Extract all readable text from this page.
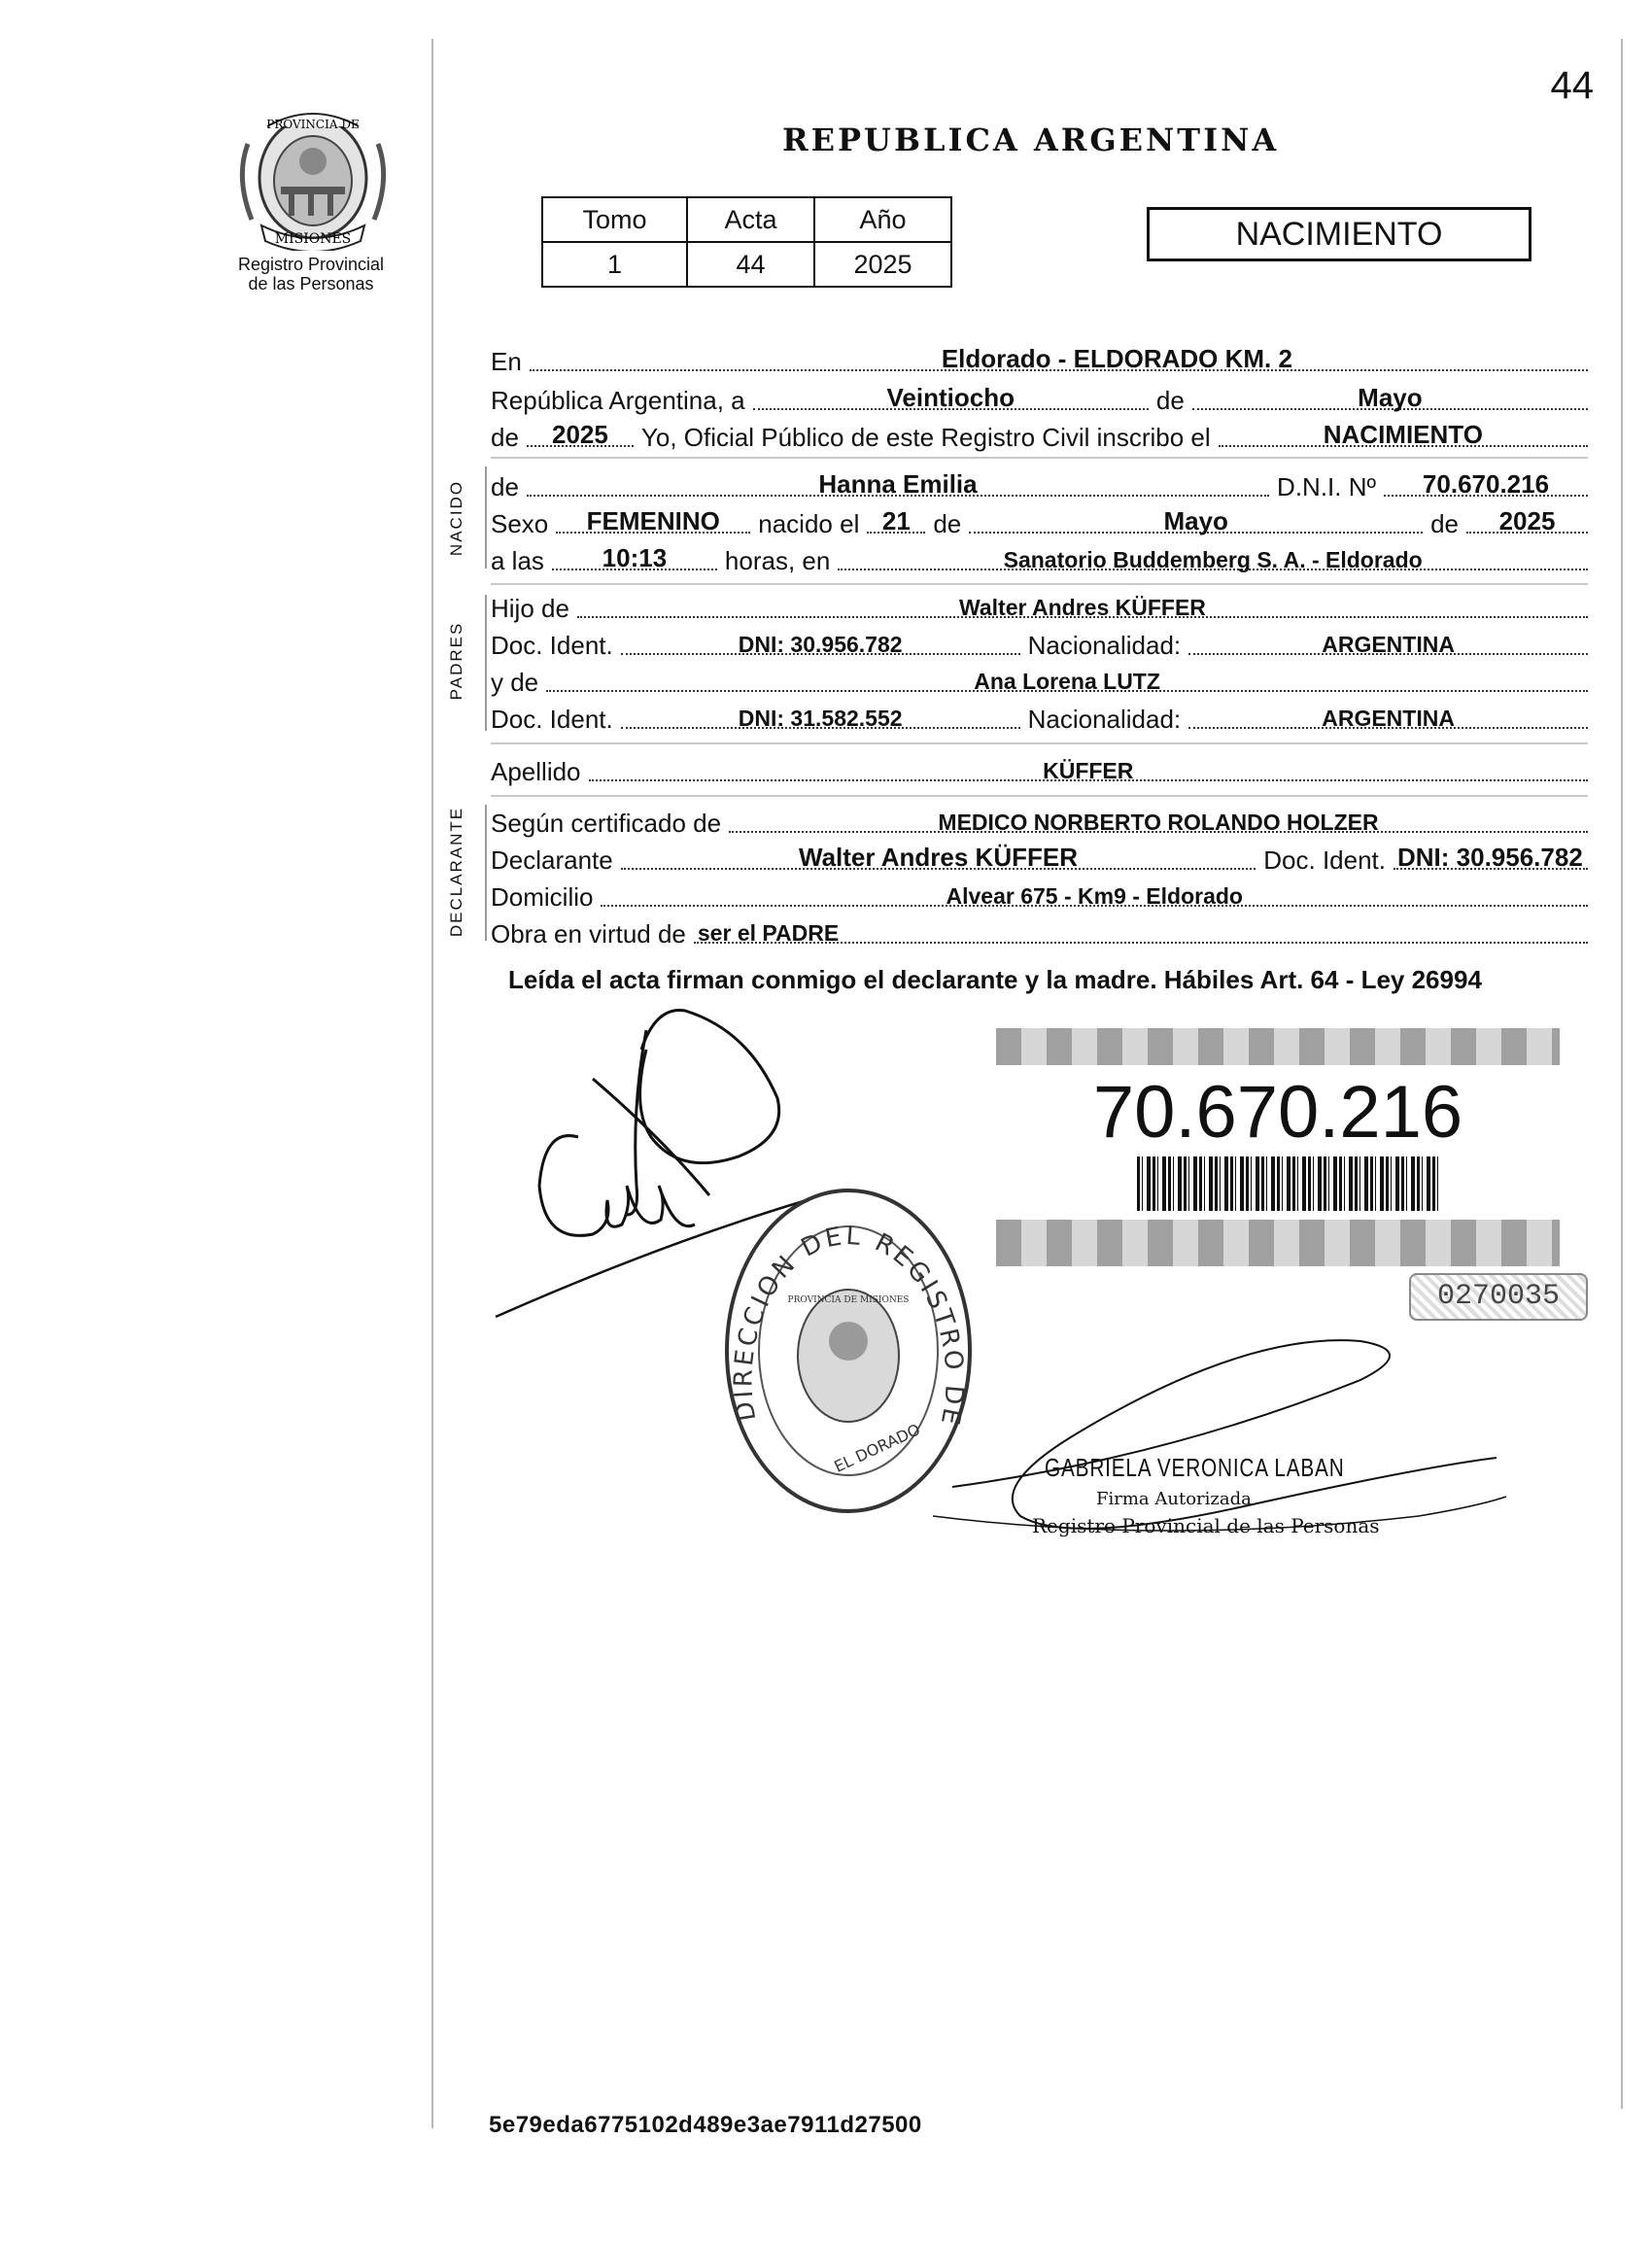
44
PROVINCIA DE
MISIONES
Registro Provincial
de las Personas
REPUBLICA ARGENTINA
Tomo	Acta	Año
1	44	2025
NACIMIENTO
En	Eldorado - ELDORADO KM. 2
República Argentina, a	Veintiocho	de	Mayo
de	2025	Yo, Oficial Público de este Registro Civil inscribo el	NACIMIENTO
NACIDO de	Hanna Emilia	D.N.I. Nº	70.670.216
Sexo	FEMENINO	nacido el 21 de	Mayo	de	2025
a las	10:13	horas, en	Sanatorio Buddemberg S. A. - Eldorado
PADRES
Hijo de	Walter Andres KÜFFER
Doc. Ident.	DNI: 30.956.782	Nacionalidad:	ARGENTINA
y de	Ana Lorena LUTZ
Doc. Ident.	DNI: 31.582.552	Nacionalidad:	ARGENTINA
Apellido	KÜFFER
DECLARANTE Según certificado de	MEDICO NORBERTO ROLANDO HOLZER
Declarante	Walter Andres KÜFFER	Doc. Ident. DNI: 30.956.782
Domicilio	Alvear 675 - Km9 - Eldorado
Obra en virtud de ser el PADRE
Leída el acta firman conmigo el declarante y la madre. Hábiles Art. 64 - Ley 26994
70.670.216
0270035
DIRECCION DEL REGISTRO DE
PROVINCIA DE MISIONES
EL DORADO	GABRIELA VERONICA LABAN
Firma Autorizada
Registro Provincial de las Personas
5e79eda6775102d489e3ae7911d27500
